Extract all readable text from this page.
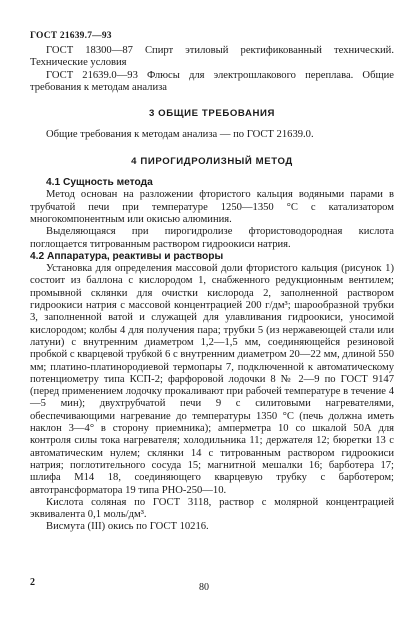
ГОСТ 21639.7—93

ГОСТ 18300—87 Спирт этиловый ректификованный технический. Технические условия

ГОСТ 21639.0—93 Флюсы для электрошлакового переплава. Общие требования к методам анализа

3 ОБЩИЕ ТРЕБОВАНИЯ

Общие требования к методам анализа — по ГОСТ 21639.0.

4 ПИРОГИДРОЛИЗНЫЙ МЕТОД

4.1 Сущность метода

Метод основан на разложении фтористого кальция водяными парами в трубчатой печи при температуре 1250—1350 °С с катализатором многокомпонентным или окисью алюминия.

Выделяющаяся при пирогидролизе фтористоводородная кислота поглощается титрованным раствором гидроокиси натрия.

4.2 Аппаратура, реактивы и растворы

Установка для определения массовой доли фтористого кальция (рисунок 1) состоит из баллона с кислородом 1, снабженного редукционным вентилем; промывной склянки для очистки кислорода 2, заполненной раствором гидроокиси натрия с массовой концентрацией 200 г/дм³; шарообразной трубки 3, заполненной ватой и служащей для улавливания гидроокиси, уносимой кислородом; колбы 4 для получения пара; трубки 5 (из нержавеющей стали или латуни) с внутренним диаметром 1,2—1,5 мм, соединяющейся резиновой пробкой с кварцевой трубкой 6 с внутренним диаметром 20—22 мм, длиной 550 мм; платино-платинородиевой термопары 7, подключенной к автоматическому потенциометру типа КСП-2; фарфоровой лодочки 8 № 2—9 по ГОСТ 9147 (перед применением лодочку прокаливают при рабочей температуре в течение 4—5 мин); двухтрубчатой печи 9 с силитовыми нагревателями, обеспечивающими нагревание до температуры 1350 °С (печь должна иметь наклон 3—4° в сторону приемника); амперметра 10 со шкалой 50А для контроля силы тока нагревателя; холодильника 11; держателя 12; бюретки 13 с автоматическим нулем; склянки 14 с титрованным раствором гидроокиси натрия; поглотительного сосуда 15; магнитной мешалки 16; барботера 17; шлифа М14 18, соединяющего кварцевую трубку с барботером; автотрансформатора 19 типа РНО-250—10.

Кислота соляная по ГОСТ 3118, раствор с молярной концентрацией эквивалента 0,1 моль/дм³.

Висмута (III) окись по ГОСТ 10216.

2	80
